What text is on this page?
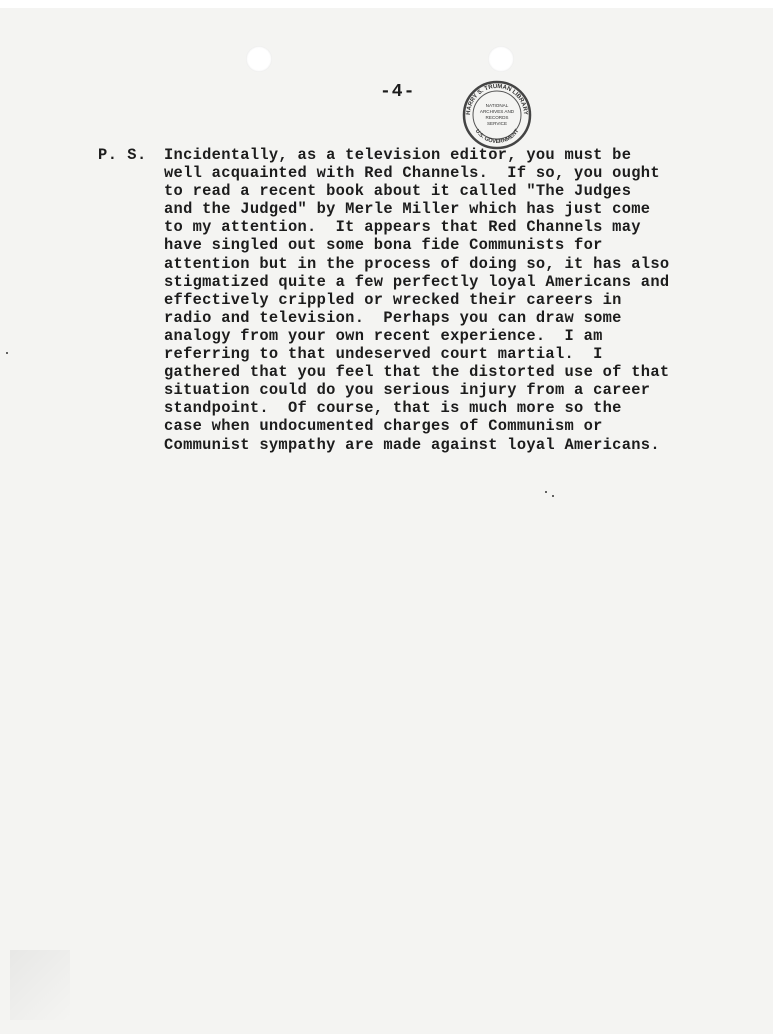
-4-
HARRY S. TRUMAN LIBRARY
U.S. GOVERNMENT
NATIONAL
ARCHIVES AND
RECORDS
SERVICE
P. S. Incidentally, as a television editor, you must be
well acquainted with Red Channels.  If so, you ought
to read a recent book about it called "The Judges
and the Judged" by Merle Miller which has just come
to my attention.  It appears that Red Channels may
have singled out some bona fide Communists for
attention but in the process of doing so, it has also
stigmatized quite a few perfectly loyal Americans and
effectively crippled or wrecked their careers in
radio and television.  Perhaps you can draw some
analogy from your own recent experience.  I am
referring to that undeserved court martial.  I
gathered that you feel that the distorted use of that
situation could do you serious injury from a career
standpoint.  Of course, that is much more so the
case when undocumented charges of Communism or
Communist sympathy are made against loyal Americans.
